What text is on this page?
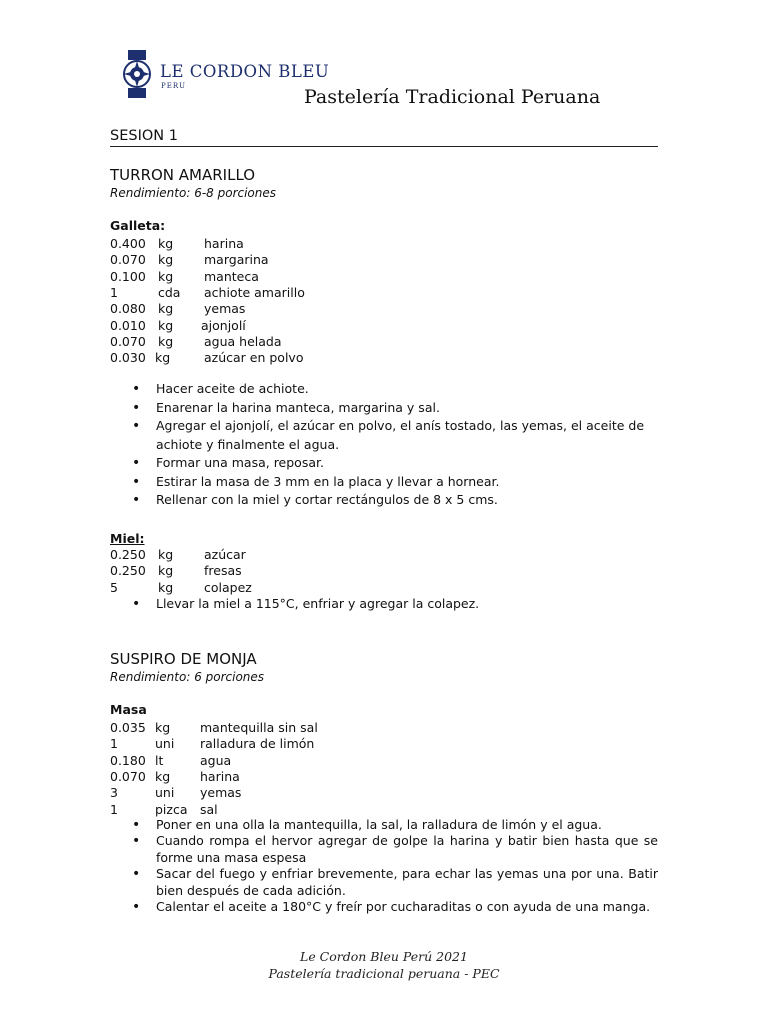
LE CORDON BLEU
PERU	Pastelería Tradicional Peruana
SESION 1
TURRON AMARILLO
Rendimiento: 6-8 porciones
Galleta:
0.400 kg harina
0.070 kg margarina
0.100 kg manteca
1	cda achiote amarillo
0.080 kg yemas
0.010 kg ajonjolí
0.070 kg agua helada
0.030 kg	azúcar en polvo
• Hacer aceite de achiote.
• Enarenar la harina manteca, margarina y sal.
• Agregar el ajonjolí, el azúcar en polvo, el anís tostado, las yemas, el aceite de achiote y finalmente el agua.
• Formar una masa, reposar.
• Estirar la masa de 3 mm en la placa y llevar a hornear.
• Rellenar con la miel y cortar rectángulos de 8 x 5 cms.
Miel:
0.250 kg azúcar
0.250 kg fresas
5	kg colapez
• Llevar la miel a 115°C, enfriar y agregar la colapez.
SUSPIRO DE MONJA
Rendimiento: 6 porciones
Masa
0.035 kg mantequilla sin sal
1	uni ralladura de limón
0.180 lt	agua
0.070 kg harina
3	uni yemas
1	pizca sal
• Poner en una olla la mantequilla, la sal, la ralladura de limón y el agua.
• Cuando rompa el hervor agregar de golpe la harina y batir bien hasta que se forme una masa espesa
• Sacar del fuego y enfriar brevemente, para echar las yemas una por una. Batir bien después de cada adición.
• Calentar el aceite a 180°C y freír por cucharaditas o con ayuda de una manga.
Le Cordon Bleu Perú 2021
Pastelería tradicional peruana - PEC
